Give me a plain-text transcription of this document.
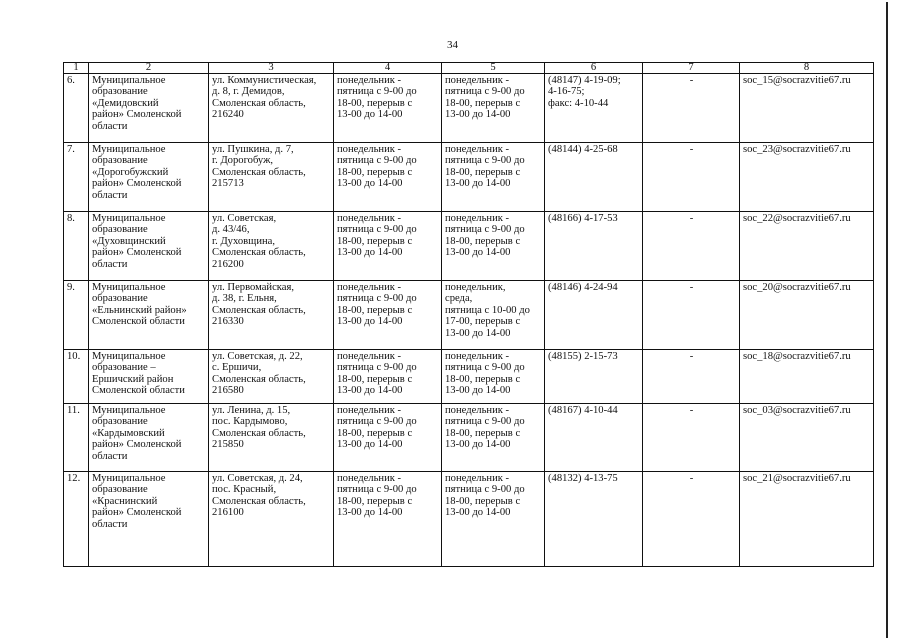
34
1	2	3	4	5	6	7	8

6.	Муниципальное
образование
«Демидовский
район» Смоленской
области	ул. Коммунистическая,
д. 8, г. Демидов,
Смоленская область,
216240	понедельник -
пятница с 9-00 до
18-00, перерыв с
13-00 до 14-00	понедельник -
пятница с 9-00 до
18-00, перерыв с
13-00 до 14-00	(48147) 4-19-09;
4-16-75;
факс: 4-10-44	-	soc_15@socrazvitie67.ru

7.	Муниципальное
образование
«Дорогобужский
район» Смоленской
области	ул. Пушкина, д. 7,
г. Дорогобуж,
Смоленская область,
215713	понедельник -
пятница с 9-00 до
18-00, перерыв с
13-00 до 14-00	понедельник -
пятница с 9-00 до
18-00, перерыв с
13-00 до 14-00	(48144) 4-25-68	-	soc_23@socrazvitie67.ru

8.	Муниципальное
образование
«Духовщинский
район» Смоленской
области	ул. Советская,
д. 43/46,
г. Духовщина,
Смоленская область,
216200	понедельник -
пятница с 9-00 до
18-00, перерыв с
13-00 до 14-00	понедельник -
пятница с 9-00 до
18-00, перерыв с
13-00 до 14-00	(48166) 4-17-53	-	soc_22@socrazvitie67.ru

9.	Муниципальное
образование
«Ельнинский район»
Смоленской области	ул. Первомайская,
д. 38, г. Ельня,
Смоленская область,
216330	понедельник -
пятница с 9-00 до
18-00, перерыв с
13-00 до 14-00	понедельник,
среда,
пятница с 10-00 до
17-00, перерыв с
13-00 до 14-00	(48146) 4-24-94	-	soc_20@socrazvitie67.ru

10.	Муниципальное
образование –
Ершичский район
Смоленской области	ул. Советская, д. 22,
с. Ершичи,
Смоленская область,
216580	понедельник -
пятница с 9-00 до
18-00, перерыв с
13-00 до 14-00	понедельник -
пятница с 9-00 до
18-00, перерыв с
13-00 до 14-00	(48155) 2-15-73	-	soc_18@socrazvitie67.ru

11.	Муниципальное
образование
«Кардымовский
район» Смоленской
области	ул. Ленина, д. 15,
пос. Кардымово,
Смоленская область,
215850	понедельник -
пятница с 9-00 до
18-00, перерыв с
13-00 до 14-00	понедельник -
пятница с 9-00 до
18-00, перерыв с
13-00 до 14-00	(48167) 4-10-44	-	soc_03@socrazvitie67.ru

12.	Муниципальное
образование
«Краснинский
район» Смоленской
области	ул. Советская, д. 24,
пос. Красный,
Смоленская область,
216100	понедельник -
пятница с 9-00 до
18-00, перерыв с
13-00 до 14-00	понедельник -
пятница с 9-00 до
18-00, перерыв с
13-00 до 14-00	(48132) 4-13-75	-	soc_21@socrazvitie67.ru
